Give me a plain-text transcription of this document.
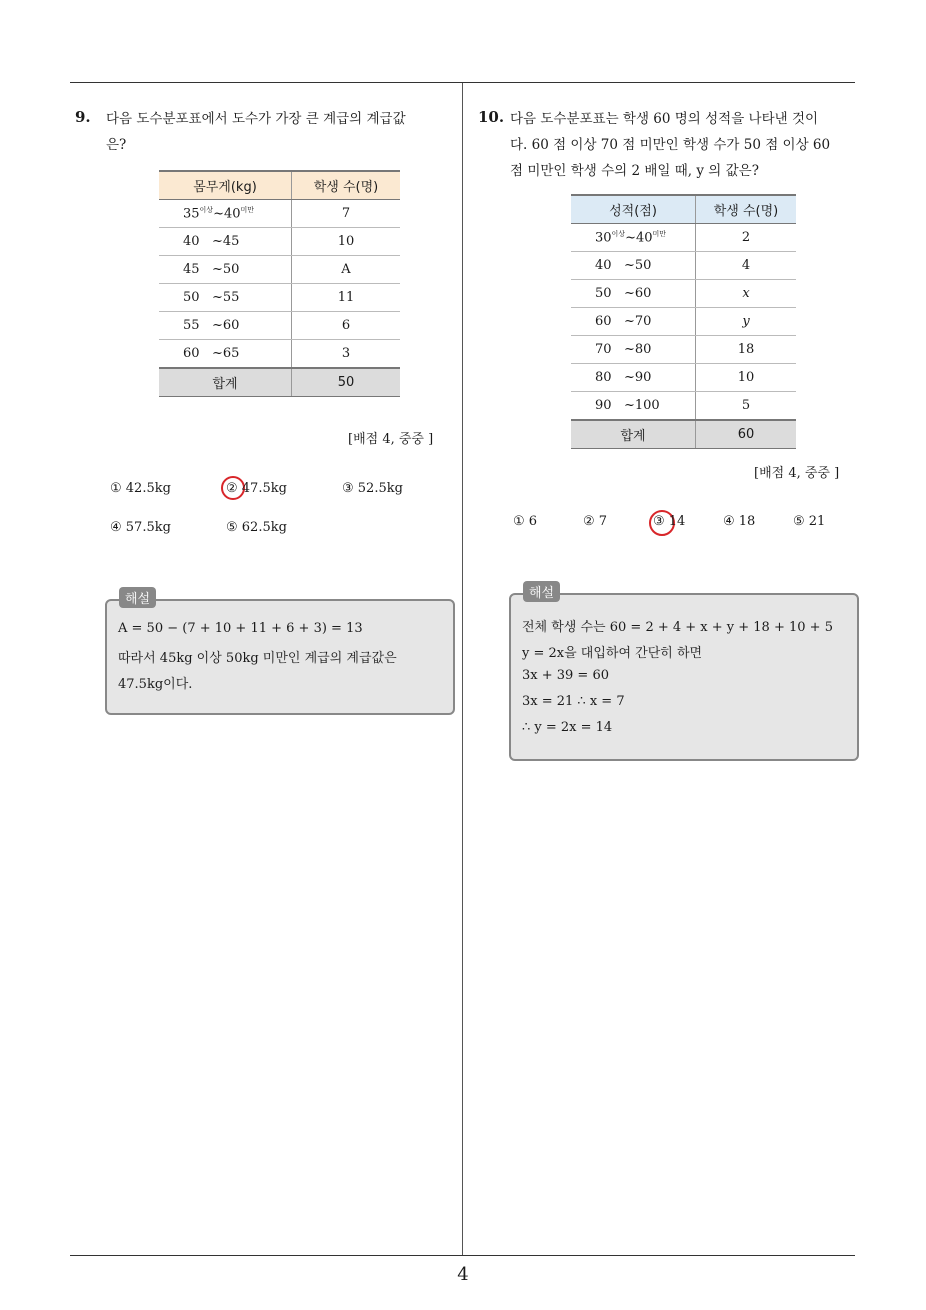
9. 다음 도수분포표에서 도수가 가장 큰 계급의 계급값
은?
몸무게(kg)	학생 수(명)
$35^{이상}\sim 40^{미만}$	7
40   ~45	10
45   ~50	A
50   ~55	11
55   ~60	6
60   ~65	3
합계	50
[배점 4, 중중 ]
① 42.5kg	② 47.5kg	③ 52.5kg
④ 57.5kg	⑤ 62.5kg
해설
A = 50 − (7 + 10 + 11 + 6 + 3) = 13
따라서 45kg 이상 50kg 미만인 계급의 계급값은
47.5kg이다.
10. 다음 도수분포표는 학생 60 명의 성적을 나타낸 것이
다. 60 점 이상 70 점 미만인 학생 수가 50 점 이상 60
점 미만인 학생 수의 2 배일 때, y 의 값은?
성적(점)	학생 수(명)
$30^{이상}\sim 40^{미만}$	2
40   ~50	4
50   ~60	x
60   ~70	y
70   ~80	18
80   ~90	10
90   ~100	5
합계	60
[배점 4, 중중 ]
① 6	② 7	③ 14	④ 18	⑤ 21
해설
전체 학생 수는 60 = 2 + 4 + x + y + 18 + 10 + 5
y = 2x을 대입하여 간단히 하면
3x + 39 = 60
3x = 21 ∴ x = 7
∴ y = 2x = 14
4
